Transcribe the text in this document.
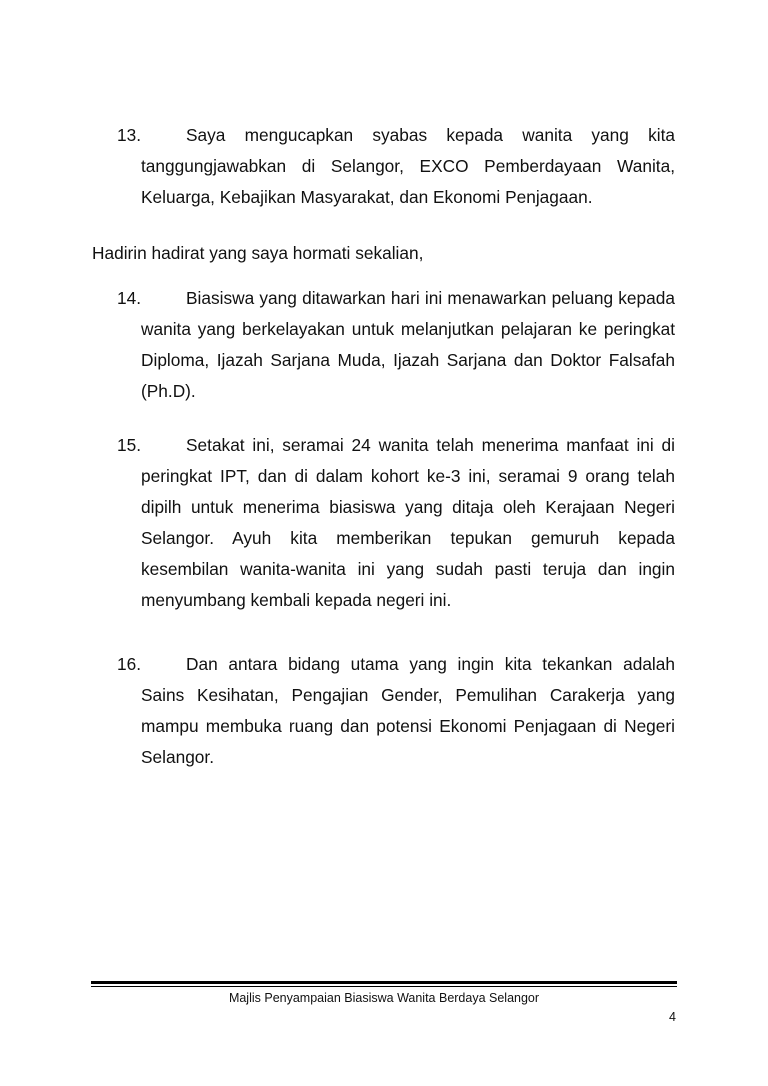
13.	Saya mengucapkan syabas kepada wanita yang kita tanggungjawabkan di Selangor, EXCO Pemberdayaan Wanita, Keluarga, Kebajikan Masyarakat, dan Ekonomi Penjagaan.
Hadirin hadirat yang saya hormati sekalian,
14.	Biasiswa yang ditawarkan hari ini menawarkan peluang kepada wanita yang berkelayakan untuk melanjutkan pelajaran ke peringkat Diploma, Ijazah Sarjana Muda, Ijazah Sarjana dan Doktor Falsafah (Ph.D).
15.	Setakat ini, seramai 24 wanita telah menerima manfaat ini di peringkat IPT, dan di dalam kohort ke-3 ini, seramai 9 orang telah dipilh untuk menerima biasiswa yang ditaja oleh Kerajaan Negeri Selangor. Ayuh kita memberikan tepukan gemuruh kepada kesembilan wanita-wanita ini yang sudah pasti teruja dan ingin menyumbang kembali kepada negeri ini.
16.	Dan antara bidang utama yang ingin kita tekankan adalah Sains Kesihatan, Pengajian Gender, Pemulihan Carakerja yang mampu membuka ruang dan potensi Ekonomi Penjagaan di Negeri Selangor.
Majlis Penyampaian Biasiswa Wanita Berdaya Selangor
4
